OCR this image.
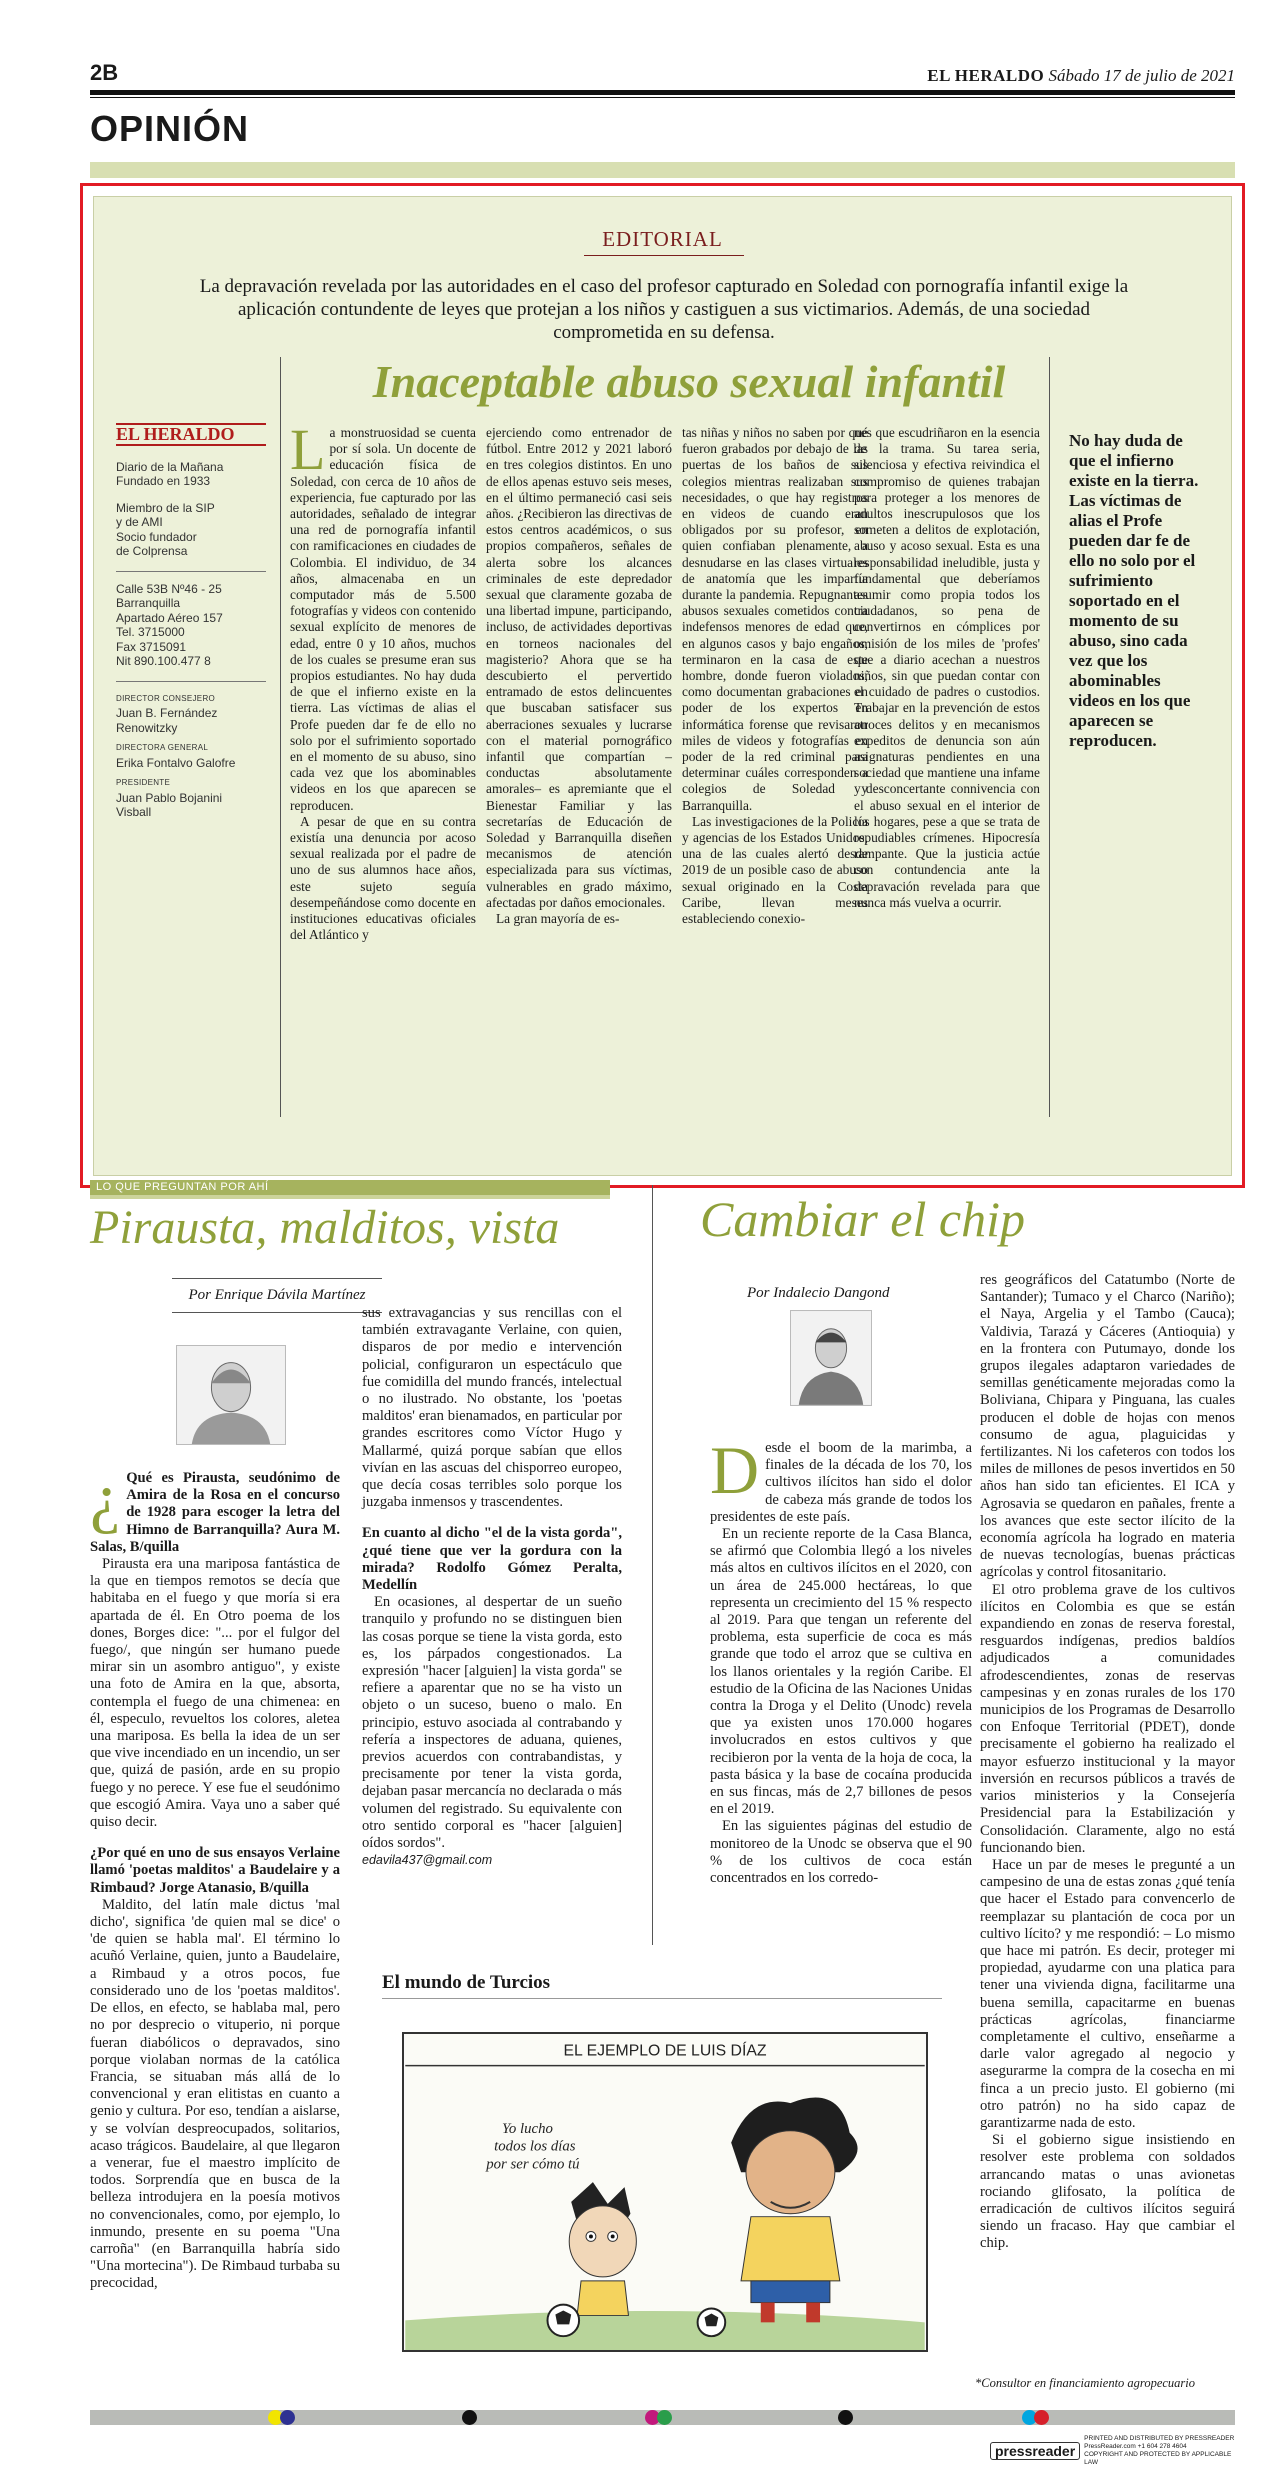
2B	EL HERALDO Sábado 17 de julio de 2021
OPINIÓN
EDITORIAL
La depravación revelada por las autoridades en el caso del profesor capturado en Soledad con pornografía infantil exige la aplicación contundente de leyes que protejan a los niños y castiguen a sus victimarios. Además, de una sociedad comprometida en su defensa.
Inaceptable abuso sexual infantil
EL HERALDO
Diario de la Mañana
Fundado en 1933
Miembro de la SIP
y de AMI
Socio fundador
de Colprensa
Calle 53B Nº46 - 25
Barranquilla
Apartado Aéreo 157
Tel. 3715000
Fax 3715091
Nit 890.100.477 8
DIRECTOR CONSEJERO
Juan B. Fernández
Renowitzky
DIRECTORA GENERAL
Erika Fontalvo Galofre
PRESIDENTE
Juan Pablo Bojanini
Visball
L a monstruosidad se cuenta por sí sola. Un docente de educación física de Soledad, con cerca de 10 años de experiencia, fue capturado por las autoridades, señalado de integrar una red de pornografía infantil con ramificaciones en ciudades de Colombia. El individuo, de 34 años, almacenaba en un computador más de 5.500 fotografías y videos con contenido sexual explícito de menores de edad, entre 0 y 10 años, muchos de los cuales se presume eran sus propios estudiantes. No hay duda de que el infierno existe en la tierra. Las víctimas de alias el Profe pueden dar fe de ello no solo por el sufrimiento soportado en el momento de su abuso, sino cada vez que los abominables videos en los que aparecen se reproducen.

A pesar de que en su contra existía una denuncia por acoso sexual realizada por el padre de uno de sus alumnos hace años, este sujeto seguía desempeñándose como docente en instituciones educativas oficiales del Atlántico y

ejerciendo como entrenador de fútbol. Entre 2012 y 2021 laboró en tres colegios distintos. En uno de ellos apenas estuvo seis meses, en el último permaneció casi seis años. ¿Recibieron las directivas de estos centros académicos, o sus propios compañeros, señales de alerta sobre los alcances criminales de este depredador sexual que claramente gozaba de una libertad impune, participando, incluso, de actividades deportivas en torneos nacionales del magisterio? Ahora que se ha descubierto el pervertido entramado de estos delincuentes que buscaban satisfacer sus aberraciones sexuales y lucrarse con el material pornográfico infantil que compartían –conductas absolutamente amorales– es apremiante que el Bienestar Familiar y las secretarías de Educación de Soledad y Barranquilla diseñen mecanismos de atención especializada para sus víctimas, vulnerables en grado máximo, afectadas por daños emocionales.

La gran mayoría de es-

tas niñas y niños no saben por qué fueron grabados por debajo de las puertas de los baños de sus colegios mientras realizaban sus necesidades, o que hay registros en videos de cuando eran obligados por su profesor, en quien confiaban plenamente, a desnudarse en las clases virtuales de anatomía que les impartía durante la pandemia. Repugnantes abusos sexuales cometidos contra indefensos menores de edad que, en algunos casos y bajo engaños, terminaron en la casa de este hombre, donde fueron violados, como documentan grabaciones en poder de los expertos en informática forense que revisaron miles de videos y fotografías en poder de la red criminal para determinar cuáles corresponden a colegios de Soledad y Barranquilla.

Las investigaciones de la Policía y agencias de los Estados Unidos, una de las cuales alertó desde 2019 de un posible caso de abuso sexual originado en la Costa Caribe, llevan meses estableciendo conexio-

nes que escudriñaron en la esencia de la trama. Su tarea seria, silenciosa y efectiva reivindica el compromiso de quienes trabajan para proteger a los menores de adultos inescrupulosos que los someten a delitos de explotación, abuso y acoso sexual. Esta es una responsabilidad ineludible, justa y fundamental que deberíamos asumir como propia todos los ciudadanos, so pena de convertirnos en cómplices por omisión de los miles de 'profes' que a diario acechan a nuestros niños, sin que puedan contar con el cuidado de padres o custodios. Trabajar en la prevención de estos atroces delitos y en mecanismos expeditos de denuncia son aún asignaturas pendientes en una sociedad que mantiene una infame y desconcertante connivencia con el abuso sexual en el interior de los hogares, pese a que se trata de repudiables crímenes. Hipocresía rampante. Que la justicia actúe con contundencia ante la depravación revelada para que nunca más vuelva a ocurrir.

No hay duda de que el infierno existe en la tierra. Las víctimas de alias el Profe pueden dar fe de ello no solo por el sufrimiento soportado en el momento de su abuso, sino cada vez que los abominables videos en los que aparecen se reproducen.
LO QUE PREGUNTAN POR AHÍ
Pirausta, malditos, vista
Por Enrique Dávila Martínez
¿ Qué es Pirausta, seudónimo de Amira de la Rosa en el concurso de 1928 para escoger la letra del Himno de Barranquilla? Aura M. Salas, B/quilla

Pirausta era una mariposa fantástica de la que en tiempos remotos se decía que habitaba en el fuego y que moría si era apartada de él. En Otro poema de los dones, Borges dice: "... por el fulgor del fuego/, que ningún ser humano puede mirar sin un asombro antiguo", y existe una foto de Amira en la que, absorta, contempla el fuego de una chimenea: en él, especulo, revueltos los colores, aletea una mariposa. Es bella la idea de un ser que vive incendiado en un incendio, un ser que, quizá de pasión, arde en su propio fuego y no perece. Y ese fue el seudónimo que escogió Amira. Vaya uno a saber qué quiso decir.

¿Por qué en uno de sus ensayos Verlaine llamó 'poetas malditos' a Baudelaire y a Rimbaud? Jorge Atanasio, B/quilla

Maldito, del latín male dictus 'mal dicho', significa 'de quien mal se dice' o 'de quien se habla mal'. El término lo acuñó Verlaine, quien, junto a Baudelaire, a Rimbaud y a otros pocos, fue considerado uno de los 'poetas malditos'. De ellos, en efecto, se hablaba mal, pero no por desprecio o vituperio, ni porque fueran diabólicos o depravados, sino porque violaban normas de la católica Francia, se situaban más allá de lo convencional y eran elitistas en cuanto a genio y cultura. Por eso, tendían a aislarse, y se volvían despreocupados, solitarios, acaso trágicos. Baudelaire, al que llegaron a venerar, fue el maestro implícito de todos. Sorprendía que en busca de la belleza introdujera en la poesía motivos no convencionales, como, por ejemplo, lo inmundo, presente en su poema "Una carroña" (en Barranquilla habría sido "Una mortecina"). De Rimbaud turbaba su precocidad,

sus extravagancias y sus rencillas con el también extravagante Verlaine, con quien, disparos de por medio e intervención policial, configuraron un espectáculo que fue comidilla del mundo francés, intelectual o no ilustrado. No obstante, los 'poetas malditos' eran bienamados, en particular por grandes escritores como Víctor Hugo y Mallarmé, quizá porque sabían que ellos vivían en las ascuas del chisporreo europeo, que decía cosas terribles solo porque los juzgaba inmensos y trascendentes.

En cuanto al dicho "el de la vista gorda", ¿qué tiene que ver la gordura con la mirada? Rodolfo Gómez Peralta, Medellín

En ocasiones, al despertar de un sueño tranquilo y profundo no se distinguen bien las cosas porque se tiene la vista gorda, esto es, los párpados congestionados. La expresión "hacer [alguien] la vista gorda" se refiere a aparentar que no se ha visto un objeto o un suceso, bueno o malo. En principio, estuvo asociada al contrabando y refería a inspectores de aduana, quienes, previos acuerdos con contrabandistas, y precisamente por tener la vista gorda, dejaban pasar mercancía no declarada o más volumen del registrado. Su equivalente con otro sentido corporal es "hacer [alguien] oídos sordos".

edavila437@gmail.com
Cambiar el chip
Por Indalecio Dangond
D esde el boom de la marimba, a finales de la década de los 70, los cultivos ilícitos han sido el dolor de cabeza más grande de todos los presidentes de este país.

En un reciente reporte de la Casa Blanca, se afirmó que Colombia llegó a los niveles más altos en cultivos ilícitos en el 2020, con un área de 245.000 hectáreas, lo que representa un crecimiento del 15 % respecto al 2019. Para que tengan un referente del problema, esta superficie de coca es más grande que todo el arroz que se cultiva en los llanos orientales y la región Caribe. El estudio de la Oficina de las Naciones Unidas contra la Droga y el Delito (Unodc) revela que ya existen unos 170.000 hogares involucrados en estos cultivos y que recibieron por la venta de la hoja de coca, la pasta básica y la base de cocaína producida en sus fincas, más de 2,7 billones de pesos en el 2019.

En las siguientes páginas del estudio de monitoreo de la Unodc se observa que el 90 % de los cultivos de coca están concentrados en los corredo-

res geográficos del Catatumbo (Norte de Santander); Tumaco y el Charco (Nariño); el Naya, Argelia y el Tambo (Cauca); Valdivia, Tarazá y Cáceres (Antioquia) y en la frontera con Putumayo, donde los grupos ilegales adaptaron variedades de semillas genéticamente mejoradas como la Boliviana, Chipara y Pinguana, las cuales producen el doble de hojas con menos consumo de agua, plaguicidas y fertilizantes. Ni los cafeteros con todos los miles de millones de pesos invertidos en 50 años han sido tan eficientes. El ICA y Agrosavia se quedaron en pañales, frente a los avances que este sector ilícito de la economía agrícola ha logrado en materia de nuevas tecnologías, buenas prácticas agrícolas y control fitosanitario.

El otro problema grave de los cultivos ilícitos en Colombia es que se están expandiendo en zonas de reserva forestal, resguardos indígenas, predios baldíos adjudicados a comunidades afrodescendientes, zonas de reservas campesinas y en zonas rurales de los 170 municipios de los Programas de Desarrollo con Enfoque Territorial (PDET), donde precisamente el gobierno ha realizado el mayor esfuerzo institucional y la mayor inversión en recursos públicos a través de varios ministerios y la Consejería Presidencial para la Estabilización y Consolidación. Claramente, algo no está funcionando bien.

Hace un par de meses le pregunté a un campesino de una de estas zonas ¿qué tenía que hacer el Estado para convencerlo de reemplazar su plantación de coca por un cultivo lícito? y me respondió: – Lo mismo que hace mi patrón. Es decir, proteger mi propiedad, ayudarme con una platica para tener una vivienda digna, facilitarme una buena semilla, capacitarme en buenas prácticas agrícolas, financiarme completamente el cultivo, enseñarme a darle valor agregado al negocio y asegurarme la compra de la cosecha en mi finca a un precio justo. El gobierno (mi otro patrón) no ha sido capaz de garantizarme nada de esto.

Si el gobierno sigue insistiendo en resolver este problema con soldados arrancando matas o unas avionetas rociando glifosato, la política de erradicación de cultivos ilícitos seguirá siendo un fracaso. Hay que cambiar el chip.

*Consultor en financiamiento agropecuario
El mundo de Turcios
EL EJEMPLO DE LUIS DÍAZ
Yo lucho todos los días por ser cómo tú
pressreader
PRINTED AND DISTRIBUTED BY PRESSREADER
PressReader.com +1 604 278 4604
COPYRIGHT AND PROTECTED BY APPLICABLE LAW
